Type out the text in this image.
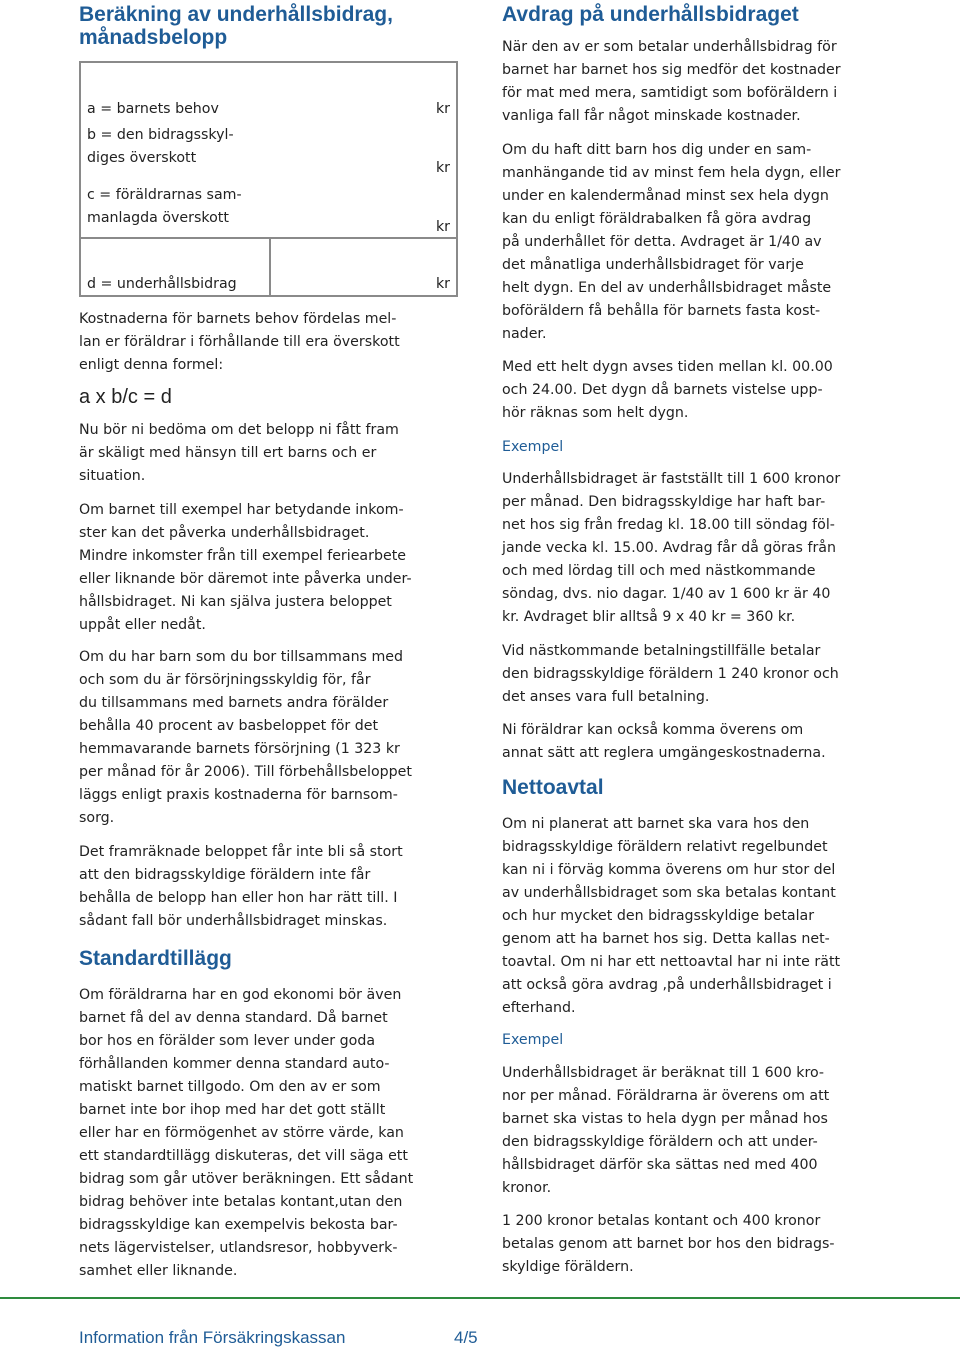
Beräkning av underhållsbidrag,
månadsbelopp
a = barnets behov	kr
b = den bidragsskyl-
diges överskott
kr
c = föräldrarnas sam-
manlagda överskott
kr
d = underhållsbidrag	kr
Kostnaderna för barnets behov fördelas mel-
lan er föräldrar i förhållande till era överskott
enligt denna formel:
a x b/c = d
Nu bör ni bedöma om det belopp ni fått fram
är skäligt med hänsyn till ert barns och er
situation.
Om barnet till exempel har betydande inkom-
ster kan det påverka underhållsbidraget.
Mindre inkomster från till exempel feriearbete
eller liknande bör däremot inte påverka under-
hållsbidraget. Ni kan själva justera beloppet
uppåt eller nedåt.
Om du har barn som du bor tillsammans med
och som du är försörjningsskyldig för, får
du tillsammans med barnets andra förälder
behålla 40 procent av basbeloppet för det
hemmavarande barnets försörjning (1 323 kr
per månad för år 2006). Till förbehållsbeloppet
läggs enligt praxis kostnaderna för barnsom-
sorg.
Det framräknade beloppet får inte bli så stort
att den bidragsskyldige föräldern inte får
behålla de belopp han eller hon har rätt till. I
sådant fall bör underhållsbidraget minskas.
Standardtillägg
Om föräldrarna har en god ekonomi bör även
barnet få del av denna standard. Då barnet
bor hos en förälder som lever under goda
förhållanden kommer denna standard auto-
matiskt barnet tillgodo. Om den av er som
barnet inte bor ihop med har det gott ställt
eller har en förmögenhet av större värde, kan
ett standardtillägg diskuteras, det vill säga ett
bidrag som går utöver beräkningen. Ett sådant
bidrag behöver inte betalas kontant,utan den
bidragsskyldige kan exempelvis bekosta bar-
nets lägervistelser, utlandsresor, hobbyverk-
samhet eller liknande.
Avdrag på underhållsbidraget
När den av er som betalar underhållsbidrag för
barnet har barnet hos sig medför det kostnader
för mat med mera, samtidigt som boföräldern i
vanliga fall får något minskade kostnader.
Om du haft ditt barn hos dig under en sam-
manhängande tid av minst fem hela dygn, eller
under en kalendermånad minst sex hela dygn
kan du enligt föräldrabalken få göra avdrag
på underhållet för detta. Avdraget är 1/40 av
det månatliga underhållsbidraget för varje
helt dygn. En del av underhållsbidraget måste
boföräldern få behålla för barnets fasta kost-
nader.
Med ett helt dygn avses tiden mellan kl. 00.00
och 24.00. Det dygn då barnets vistelse upp-
hör räknas som helt dygn.
Exempel
Underhållsbidraget är fastställt till 1 600 kronor
per månad. Den bidragsskyldige har haft bar-
net hos sig från fredag kl. 18.00 till söndag föl-
jande vecka kl. 15.00. Avdrag får då göras från
och med lördag till och med nästkommande
söndag, dvs. nio dagar. 1/40 av 1 600 kr är 40
kr. Avdraget blir alltså 9 x 40 kr = 360 kr.
Vid nästkommande betalningstillfälle betalar
den bidragsskyldige föräldern 1 240 kronor och
det anses vara full betalning.
Ni föräldrar kan också komma överens om
annat sätt att reglera umgängeskostnaderna.
Nettoavtal
Om ni planerat att barnet ska vara hos den
bidragsskyldige föräldern relativt regelbundet
kan ni i förväg komma överens om hur stor del
av underhållsbidraget som ska betalas kontant
och hur mycket den bidragsskyldige betalar
genom att ha barnet hos sig. Detta kallas net-
toavtal. Om ni har ett nettoavtal har ni inte rätt
att också göra avdrag ,på underhållsbidraget i
efterhand.
Exempel
Underhållsbidraget är beräknat till 1 600 kro-
nor per månad. Föräldrarna är överens om att
barnet ska vistas to hela dygn per månad hos
den bidragsskyldige föräldern och att under-
hållsbidraget därför ska sättas ned med 400
kronor.
1 200 kronor betalas kontant och 400 kronor
betalas genom att barnet bor hos den bidrags-
skyldige föräldern.
Information från Försäkringskassan	4/5
